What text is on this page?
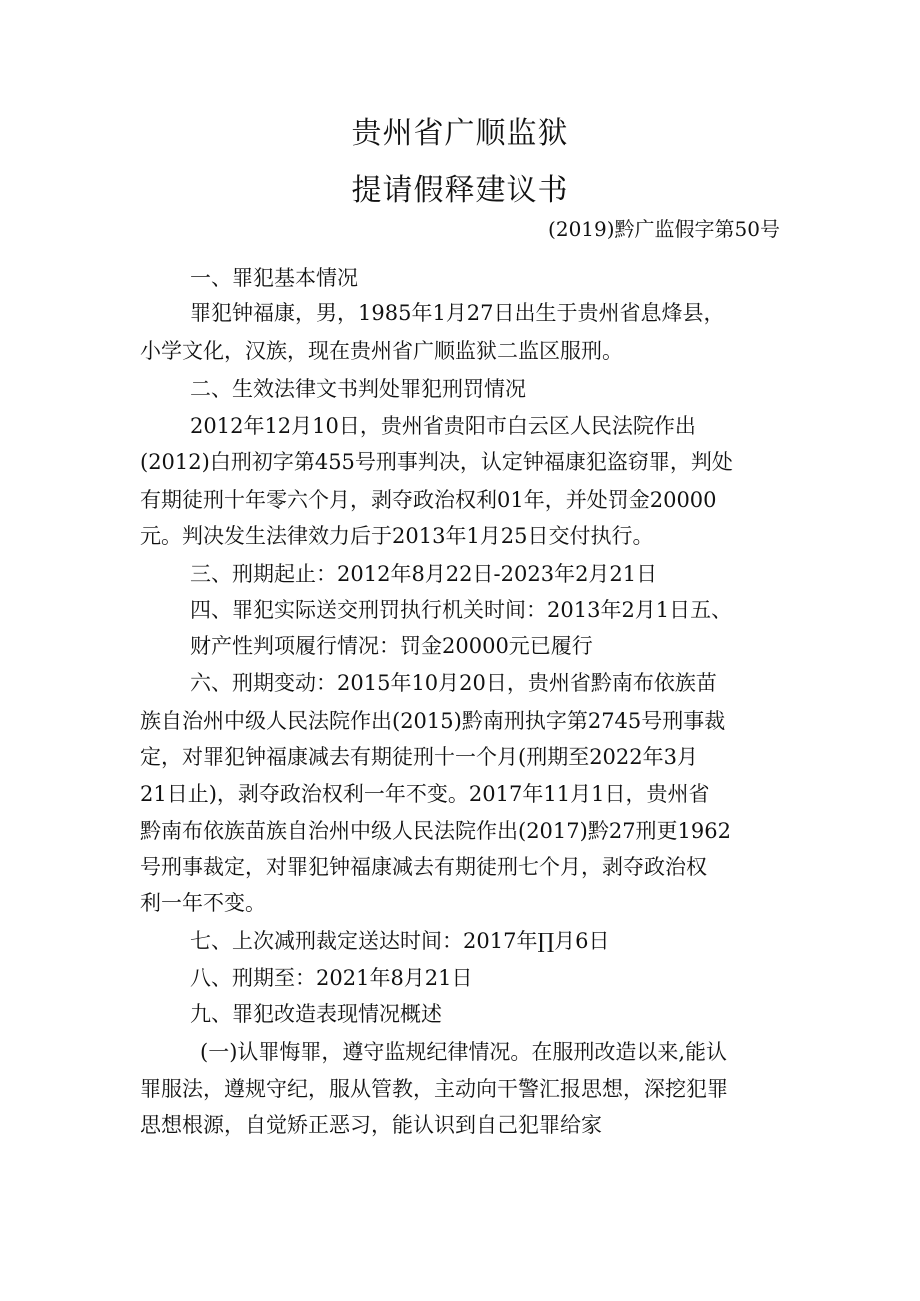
贵州省广顺监狱
提请假释建议书
(2019)黔广监假字第50号
一、罪犯基本情况
罪犯钟福康，男，1985年1月27日出生于贵州省息烽县，
小学文化，汉族，现在贵州省广顺监狱二监区服刑。
二、生效法律文书判处罪犯刑罚情况
2012年12月10日，贵州省贵阳市白云区人民法院作出
(2012)白刑初字第455号刑事判决，认定钟福康犯盗窃罪，判处
有期徒刑十年零六个月，剥夺政治权利01年，并处罚金20000
元。判决发生法律效力后于2013年1月25日交付执行。
三、刑期起止：2012年8月22日-2023年2月21日
四、罪犯实际送交刑罚执行机关时间：2013年2月1日五、
财产性判项履行情况：罚金20000元已履行
六、刑期变动：2015年10月20日，贵州省黔南布依族苗
族自治州中级人民法院作出(2015)黔南刑执字第2745号刑事裁
定，对罪犯钟福康减去有期徒刑十一个月(刑期至2022年3月
21日止)，剥夺政治权利一年不变。2017年11月1日，贵州省
黔南布依族苗族自治州中级人民法院作出(2017)黔27刑更1962
号刑事裁定，对罪犯钟福康减去有期徒刑七个月，剥夺政治权
利一年不变。
七、上次减刑裁定送达时间：2017年∏月6日
八、刑期至：2021年8月21日
九、罪犯改造表现情况概述
(一)认罪悔罪，遵守监规纪律情况。在服刑改造以来,能认
罪服法，遵规守纪，服从管教，主动向干警汇报思想，深挖犯罪
思想根源，自觉矫正恶习，能认识到自己犯罪给家
